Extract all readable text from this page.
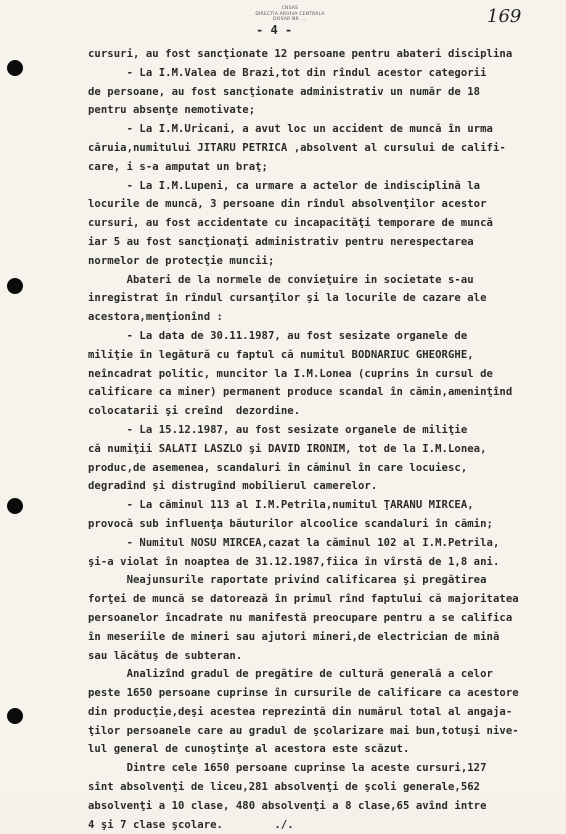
CNSAS
DIRECTIA ARHIVA CENTRALA
DOSAR NR. ...
- 4 -
169
cursuri, au fost sancţionate 12 persoane pentru abateri disciplina
- La I.M.Valea de Brazi,tot din rîndul acestor categorii
de persoane, au fost sancţionate administrativ un număr de 18
pentru absenţe nemotivate;
- La I.M.Uricani, a avut loc un accident de muncă în urma
căruia,numitului JITARU PETRICA ,absolvent al cursului de califi-
care, i s-a amputat un braţ;
- La I.M.Lupeni, ca urmare a actelor de indisciplină la
locurile de muncă, 3 persoane din rîndul absolvenţilor acestor
cursuri, au fost accidentate cu incapacităţi temporare de muncă
iar 5 au fost sancţionaţi administrativ pentru nerespectarea
normelor de protecţie muncii;
Abateri de la normele de convieţuire in societate s-au
inregistrat în rîndul cursanţilor şi la locurile de cazare ale
acestora,menţionînd :
- La data de 30.11.1987, au fost sesizate organele de
miliţie în legătură cu faptul că numitul BODNARIUC GHEORGHE,
neîncadrat politic, muncitor la I.M.Lonea (cuprins în cursul de
calificare ca miner) permanent produce scandal în cămin,ameninţînd
colocatarii şi creînd  dezordine.
- La 15.12.1987, au fost sesizate organele de miliţie
că numiţii SALATI LASZLO şi DAVID IRONIM, tot de la I.M.Lonea,
produc,de asemenea, scandaluri în căminul în care locuiesc,
degradînd şi distrugînd mobilierul camerelor.
- La căminul 113 al I.M.Petrila,numitul ŢARANU MIRCEA,
provocă sub influenţa băuturilor alcoolice scandaluri în cămin;
- Numitul NOSU MIRCEA,cazat la căminul 102 al I.M.Petrila,
şi-a violat în noaptea de 31.12.1987,fiica în vîrstă de 1,8 ani.
Neajunsurile raportate privind calificarea şi pregătirea
forţei de muncă se datorează în primul rînd faptului că majoritatea
persoanelor încadrate nu manifestă preocupare pentru a se califica
în meseriile de mineri sau ajutori mineri,de electrician de mină
sau lăcătuş de subteran.
Analizînd gradul de pregătire de cultură generală a celor
peste 1650 persoane cuprinse în cursurile de calificare ca acestore
din producţie,deşi acestea reprezintă din numărul total al angaja-
ţilor persoanele care au gradul de şcolarizare mai bun,totuşi nive-
lul general de cunoştinţe al acestora este scăzut.
Dintre cele 1650 persoane cuprinse la aceste cursuri,127
sînt absolvenţi de liceu,281 absolvenţi de şcoli generale,562
absolvenţi a 10 clase, 480 absolvenţi a 8 clase,65 avînd intre
4 şi 7 clase şcolare.        ./.
